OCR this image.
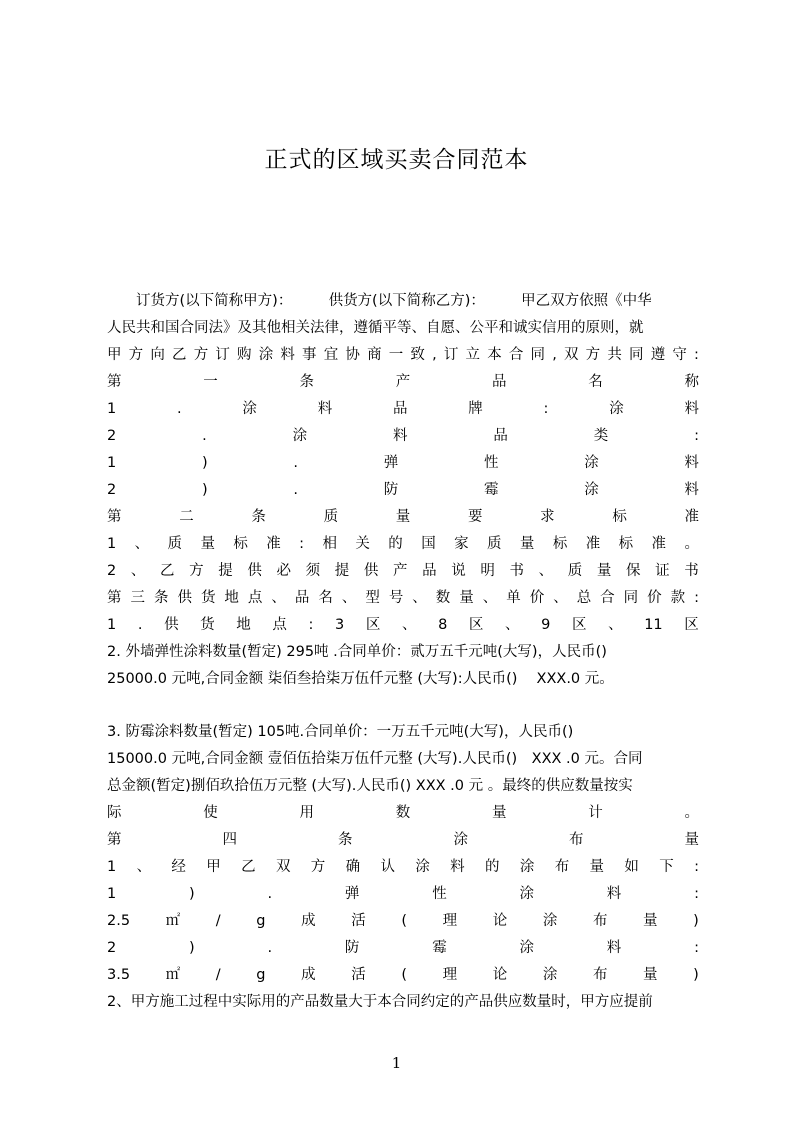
正式的区域买卖合同范本
　　订货方(以下简称甲方)：　　　供货方(以下简称乙方)：　　　甲乙双方依照《中华
人民共和国合同法》及其他相关法律，遵循平等、自愿、公平和诚实信用的原则，就
甲 方 向 乙 方 订 购 涂 料 事 宜 协 商 一 致 , 订 立 本 合 同 , 双 方 共 同 遵 守 :
第	一	条	产	品	名	称
1	.	涂	料	品	牌	:	涂	料
2	.	涂	料	品	类	:
1	)	.	弹	性	涂	料
2	)	.	防	霉	涂	料
第	二	条	质	量	要	求	标	准
1 、 质 量 标 准 : 相 关 的 国 家 质 量 标 准 标 准 。
2 、 乙 方 提 供 必 须 提 供 产 品 说 明 书 、 质 量 保 证 书
第 三 条 供 货 地 点 、 品 名 、 型 号 、 数 量 、 单 价 、 总 合 同 价 款 :
1 . 供 货 地 点 : 3 区 、 8 区 、 9 区 、 11 区
2. 外墙弹性涂料数量(暂定) 295吨 .合同单价：贰万五千元吨(大写)，人民币()
25000.0 元吨,合同金额 柒佰叁拾柒万伍仟元整 (大写):人民币()　 XXX.0 元。
3. 防霉涂料数量(暂定) 105吨.合同单价：一万五千元吨(大写)，人民币()
15000.0 元吨,合同金额 壹佰伍拾柒万伍仟元整 (大写).人民币()　XXX .0 元。合同
总金额(暂定)捌佰玖拾伍万元整 (大写).人民币() XXX .0 元 。最终的供应数量按实
际	使	用	数	量	计	。
第	四	条	涂	布	量
1 、 经 甲 乙 双 方 确 认 涂 料 的 涂 布 量 如 下 :
1	)	.	弹	性	涂	料	:
2.5 ㎡ / g 成 活 ( 理 论 涂 布 量 )
2	)	.	防	霉	涂	料	:
3.5 ㎡ / g 成 活 ( 理 论 涂 布 量 )
2、甲方施工过程中实际用的产品数量大于本合同约定的产品供应数量时，甲方应提前
1
